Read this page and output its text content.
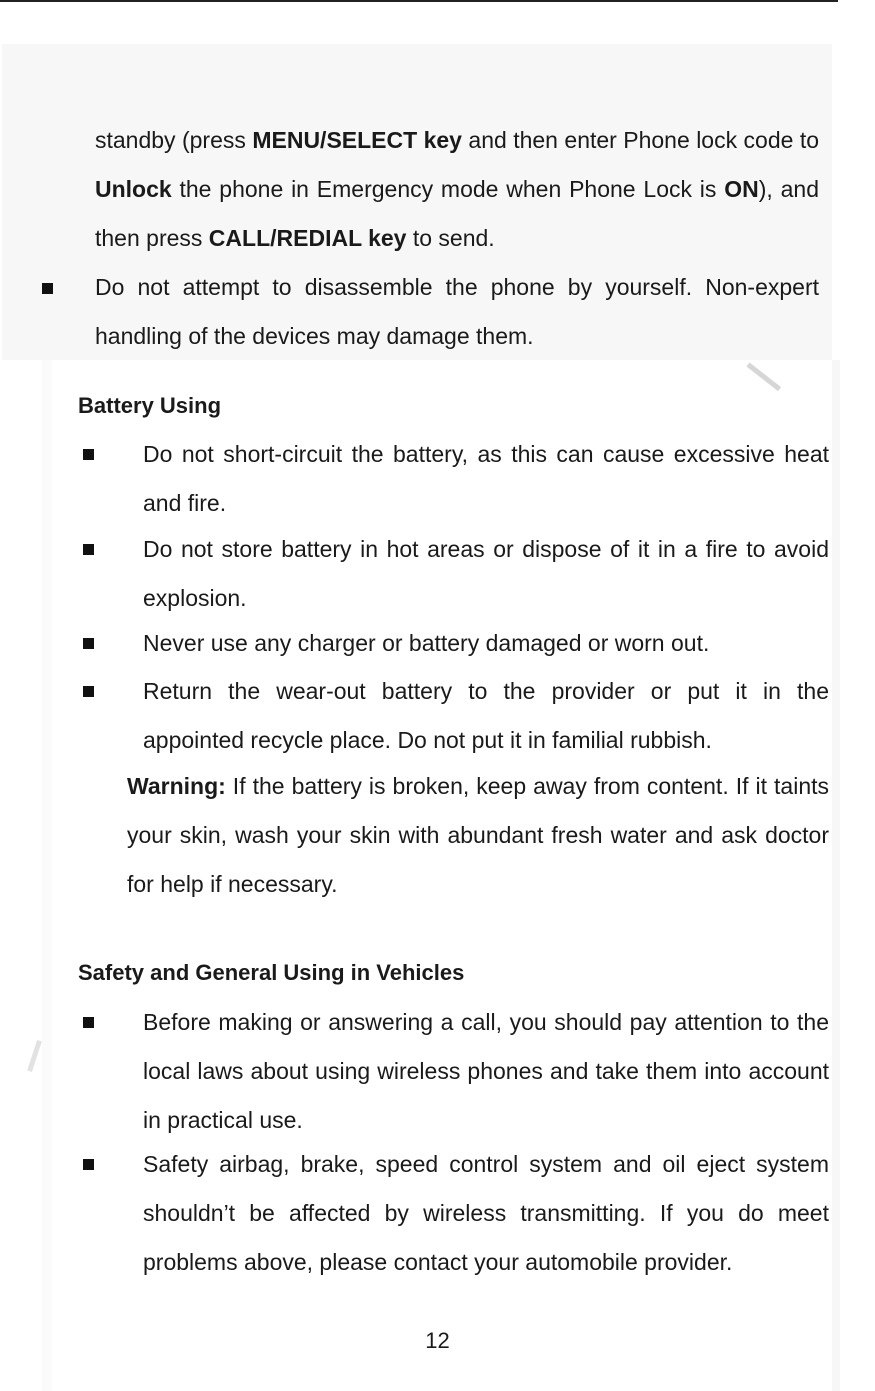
standby (press MENU/SELECT key and then enter Phone lock code to Unlock the phone in Emergency mode when Phone Lock is ON), and then press CALL/REDIAL key to send.
Do not attempt to disassemble the phone by yourself. Non-expert handling of the devices may damage them.
Battery Using
Do not short-circuit the battery, as this can cause excessive heat and fire.
Do not store battery in hot areas or dispose of it in a fire to avoid explosion.
Never use any charger or battery damaged or worn out.
Return the wear-out battery to the provider or put it in the appointed recycle place. Do not put it in familial rubbish.
Warning: If the battery is broken, keep away from content. If it taints your skin, wash your skin with abundant fresh water and ask doctor for help if necessary.
Safety and General Using in Vehicles
Before making or answering a call, you should pay attention to the local laws about using wireless phones and take them into account in practical use.
Safety airbag, brake, speed control system and oil eject system shouldn’t be affected by wireless transmitting. If you do meet problems above, please contact your automobile provider.
12
